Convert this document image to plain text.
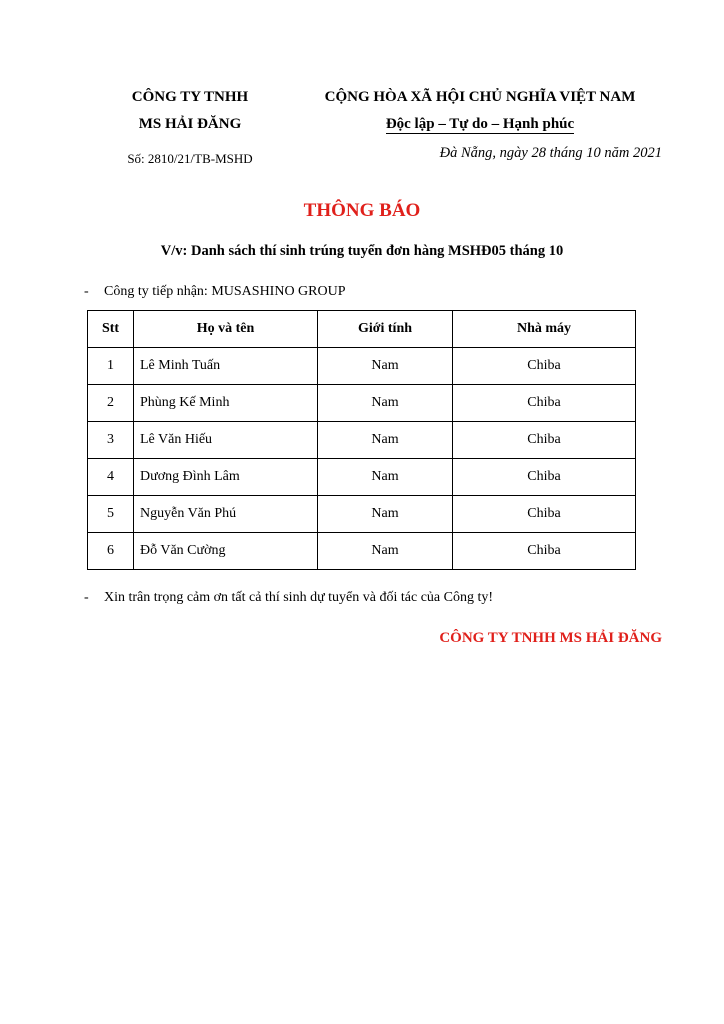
CÔNG TY TNHH
MS HẢI ĐĂNG
Số: 2810/21/TB-MSHD
CỘNG HÒA XÃ HỘI CHỦ NGHĨA VIỆT NAM
Độc lập – Tự do – Hạnh phúc
Đà Nẵng, ngày 28 tháng 10 năm 2021
THÔNG BÁO
V/v: Danh sách thí sinh trúng tuyển đơn hàng MSHĐ05 tháng 10
- Công ty tiếp nhận: MUSASHINO GROUP
Stt	Họ và tên	Giới tính	Nhà máy
1	Lê Minh Tuấn	Nam	Chiba
2	Phùng Kế Minh	Nam	Chiba
3	Lê Văn Hiếu	Nam	Chiba
4	Dương Đình Lâm	Nam	Chiba
5	Nguyễn Văn Phú	Nam	Chiba
6	Đỗ Văn Cường	Nam	Chiba
- Xin trân trọng cảm ơn tất cả thí sinh dự tuyển và đối tác của Công ty!
CÔNG TY TNHH MS HẢI ĐĂNG
